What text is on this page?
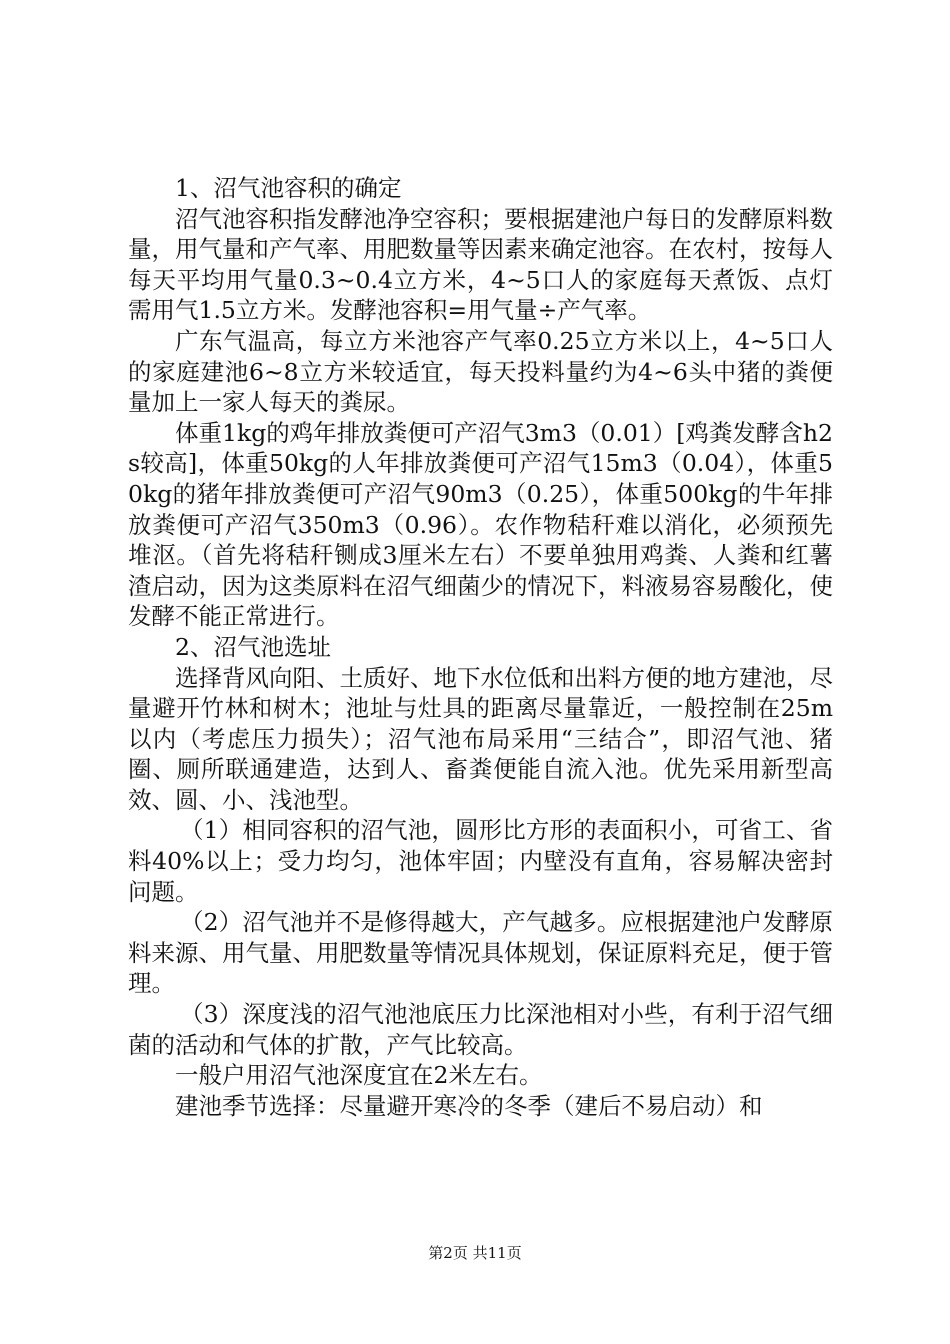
1、沼气池容积的确定

沼气池容积指发酵池净空容积；要根据建池户每日的发酵原料数量，用气量和产气率、用肥数量等因素来确定池容。在农村，按每人每天平均用气量0.3~0.4立方米，4~5口人的家庭每天煮饭、点灯需用气1.5立方米。发酵池容积=用气量÷产气率。

广东气温高，每立方米池容产气率0.25立方米以上，4~5口人的家庭建池6~8立方米较适宜，每天投料量约为4~6头中猪的粪便量加上一家人每天的粪尿。

体重1kg的鸡年排放粪便可产沼气3m3（0.01）[鸡粪发酵含h2s较高]，体重50kg的人年排放粪便可产沼气15m3（0.04），体重50kg的猪年排放粪便可产沼气90m3（0.25），体重500kg的牛年排放粪便可产沼气350m3（0.96）。农作物秸秆难以消化，必须预先堆沤。（首先将秸秆铡成3厘米左右）不要单独用鸡粪、人粪和红薯渣启动，因为这类原料在沼气细菌少的情况下，料液易容易酸化，使发酵不能正常进行。

2、沼气池选址

选择背风向阳、土质好、地下水位低和出料方便的地方建池，尽量避开竹林和树木；池址与灶具的距离尽量靠近，一般控制在25m以内（考虑压力损失）；沼气池布局采用“三结合”，即沼气池、猪圈、厕所联通建造，达到人、畜粪便能自流入池。优先采用新型高效、圆、小、浅池型。

（1）相同容积的沼气池，圆形比方形的表面积小，可省工、省料40%以上；受力均匀，池体牢固；内壁没有直角，容易解决密封问题。

（2）沼气池并不是修得越大，产气越多。应根据建池户发酵原料来源、用气量、用肥数量等情况具体规划，保证原料充足，便于管理。

（3）深度浅的沼气池池底压力比深池相对小些，有利于沼气细菌的活动和气体的扩散，产气比较高。

一般户用沼气池深度宜在2米左右。

建池季节选择：尽量避开寒冷的冬季（建后不易启动）和

第2页 共11页
